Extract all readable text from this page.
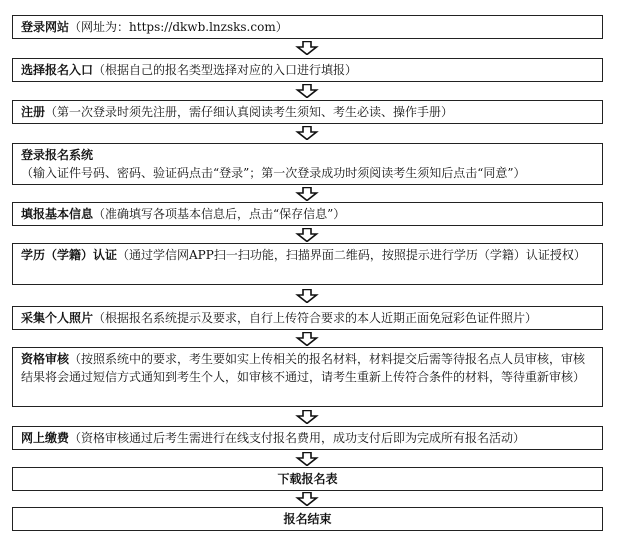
登录网站（网址为：https://dkwb.lnzsks.com）
选择报名入口（根据自己的报名类型选择对应的入口进行填报）
注册（第一次登录时须先注册，需仔细认真阅读考生须知、考生必读、操作手册）
登录报名系统（输入证件号码、密码、验证码点击“登录”；第一次登录成功时须阅读考生须知后点击“同意”）
填报基本信息（准确填写各项基本信息后，点击“保存信息”）
学历（学籍）认证（通过学信网APP扫一扫功能，扫描界面二维码，按照提示进行学历（学籍）认证授权）
采集个人照片（根据报名系统提示及要求，自行上传符合要求的本人近期正面免冠彩色证件照片）
资格审核（按照系统中的要求，考生要如实上传相关的报名材料，材料提交后需等待报名点人员审核，审核结果将会通过短信方式通知到考生个人，如审核不通过，请考生重新上传符合条件的材料，等待重新审核）
网上缴费（资格审核通过后考生需进行在线支付报名费用，成功支付后即为完成所有报名活动）
下载报名表
报名结束
